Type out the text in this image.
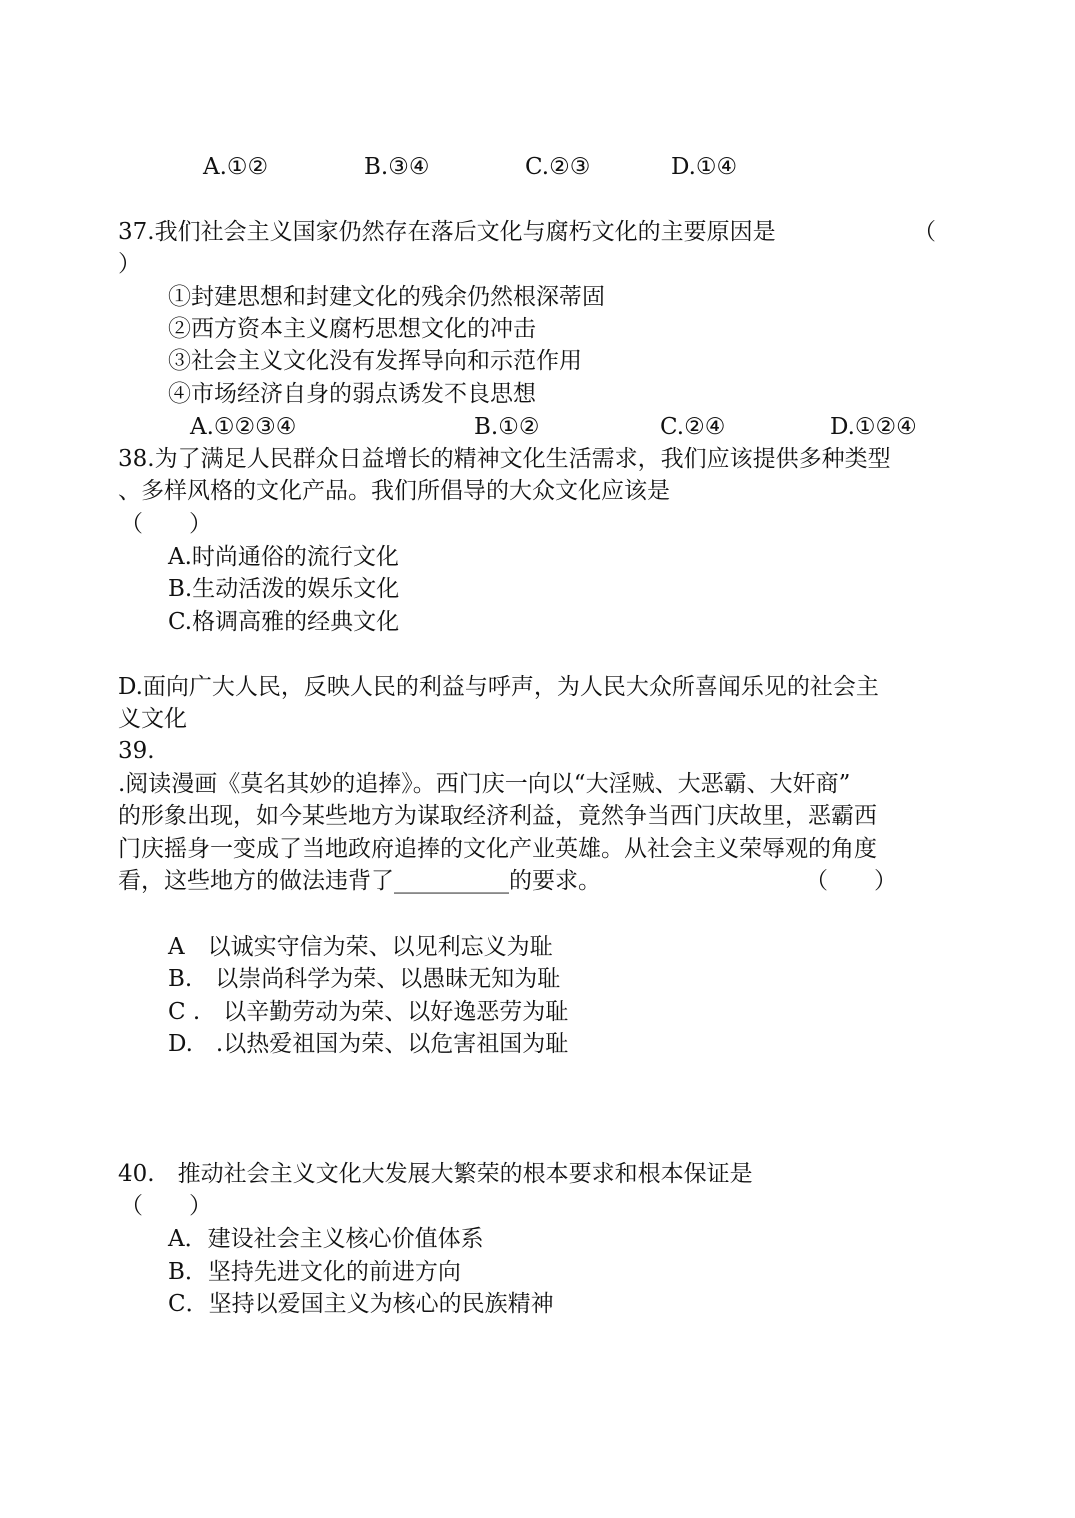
A.①②	B.③④	C.②③	D.①④
37.我们社会主义国家仍然存在落后文化与腐朽文化的主要原因是	（
）
①封建思想和封建文化的残余仍然根深蒂固
②西方资本主义腐朽思想文化的冲击
③社会主义文化没有发挥导向和示范作用
④市场经济自身的弱点诱发不良思想
A.①②③④	B.①②	C.②④	D.①②④
38.为了满足人民群众日益增长的精神文化生活需求，我们应该提供多种类型
、多样风格的文化产品。我们所倡导的大众文化应该是
（　　）
A.时尚通俗的流行文化
B.生动活泼的娱乐文化
C.格调高雅的经典文化
D.面向广大人民，反映人民的利益与呼声，为人民大众所喜闻乐见的社会主
义文化
39.
.阅读漫画《莫名其妙的追捧》。西门庆一向以“大淫贼、大恶霸、大奸商”
的形象出现，如今某些地方为谋取经济利益，竟然争当西门庆故里，恶霸西
门庆摇身一变成了当地政府追捧的文化产业英雄。从社会主义荣辱观的角度
看，这些地方的做法违背了__________的要求。	（　　）
A　以诚实守信为荣、以见利忘义为耻
B.　以崇尚科学为荣、以愚昧无知为耻
C .　以辛勤劳动为荣、以好逸恶劳为耻
D.　.以热爱祖国为荣、以危害祖国为耻
40.　推动社会主义文化大发展大繁荣的根本要求和根本保证是
（　　）
A．建设社会主义核心价值体系
B．坚持先进文化的前进方向
C．坚持以爱国主义为核心的民族精神
